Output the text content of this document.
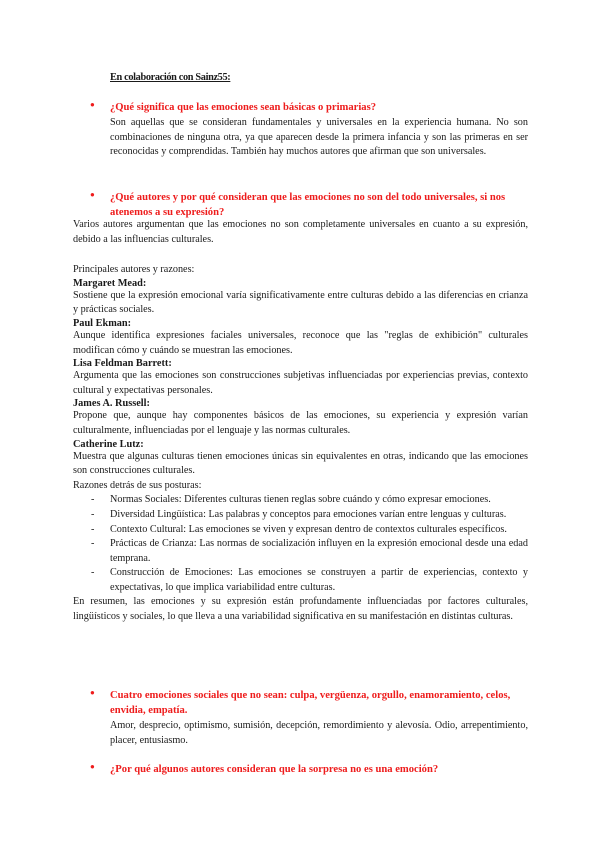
En colaboración con Sainz55:
● ¿Qué significa que las emociones sean básicas o primarias?
Son aquellas que se consideran fundamentales y universales en la experiencia humana. No son combinaciones de ninguna otra, ya que aparecen desde la primera infancia y son las primeras en ser reconocidas y comprendidas. También hay muchos autores que afirman que son universales.
● ¿Qué autores y por qué consideran que las emociones no son del todo universales, si nos atenemos a su expresión?
Varios autores argumentan que las emociones no son completamente universales en cuanto a su expresión, debido a las influencias culturales.
Principales autores y razones:
Margaret Mead:
Sostiene que la expresión emocional varía significativamente entre culturas debido a las diferencias en crianza y prácticas sociales.
Paul Ekman:
Aunque identifica expresiones faciales universales, reconoce que las "reglas de exhibición" culturales modifican cómo y cuándo se muestran las emociones.
Lisa Feldman Barrett:
Argumenta que las emociones son construcciones subjetivas influenciadas por experiencias previas, contexto cultural y expectativas personales.
James A. Russell:
Propone que, aunque hay componentes básicos de las emociones, su experiencia y expresión varían culturalmente, influenciadas por el lenguaje y las normas culturales.
Catherine Lutz:
Muestra que algunas culturas tienen emociones únicas sin equivalentes en otras, indicando que las emociones son construcciones culturales.
Razones detrás de sus posturas:
- Normas Sociales: Diferentes culturas tienen reglas sobre cuándo y cómo expresar emociones.
- Diversidad Lingüística: Las palabras y conceptos para emociones varían entre lenguas y culturas.
- Contexto Cultural: Las emociones se viven y expresan dentro de contextos culturales específicos.
- Prácticas de Crianza: Las normas de socialización influyen en la expresión emocional desde una edad temprana.
- Construcción de Emociones: Las emociones se construyen a partir de experiencias, contexto y expectativas, lo que implica variabilidad entre culturas.
En resumen, las emociones y su expresión están profundamente influenciadas por factores culturales, lingüísticos y sociales, lo que lleva a una variabilidad significativa en su manifestación en distintas culturas.
● Cuatro emociones sociales que no sean: culpa, vergüenza, orgullo, enamoramiento, celos, envidia, empatía.
Amor, desprecio, optimismo, sumisión, decepción, remordimiento y alevosía. Odio, arrepentimiento, placer, entusiasmo.
● ¿Por qué algunos autores consideran que la sorpresa no es una emoción?
